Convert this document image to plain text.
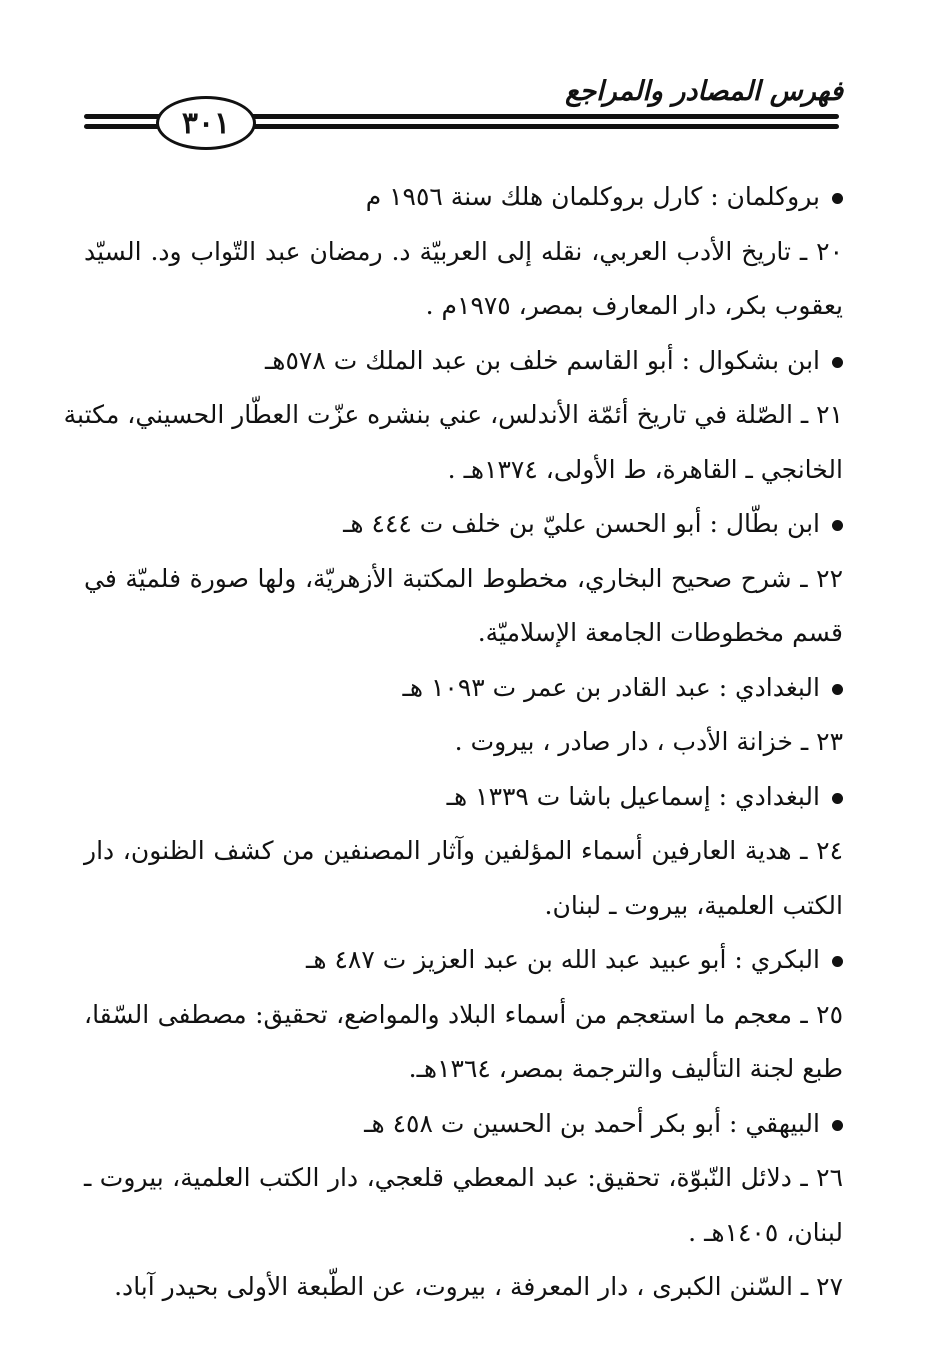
فهرس المصادر والمراجع
٣٠١
بروكلمان : كارل بروكلمان هلك سنة ١٩٥٦ م
٢٠ ـ تاريخ الأدب العربي، نقله إلى العربيّة د. رمضان عبد التّواب ود. السيّد
يعقوب بكر، دار المعارف بمصر، ١٩٧٥م .
ابن بشكوال : أبو القاسم خلف بن عبد الملك ت ٥٧٨هـ
٢١ ـ الصّلة في تاريخ أئمّة الأندلس، عني بنشره عزّت العطّار الحسيني، مكتبة
الخانجي ـ القاهرة، ط الأولى، ١٣٧٤هـ .
ابن بطّال : أبو الحسن عليّ بن خلف ت ٤٤٤ هـ
٢٢ ـ شرح صحيح البخاري، مخطوط المكتبة الأزهريّة، ولها صورة فلميّة في
قسم مخطوطات الجامعة الإسلاميّة.
البغدادي : عبد القادر بن عمر ت ١٠٩٣ هـ
٢٣ ـ خزانة الأدب ، دار صادر ، بيروت .
البغدادي : إسماعيل باشا ت ١٣٣٩ هـ
٢٤ ـ هدية العارفين أسماء المؤلفين وآثار المصنفين من كشف الظنون، دار
الكتب العلمية، بيروت ـ لبنان.
البكري : أبو عبيد عبد الله بن عبد العزيز ت ٤٨٧ هـ
٢٥ ـ معجم ما استعجم من أسماء البلاد والمواضع، تحقيق: مصطفى السّقا،
طبع لجنة التأليف والترجمة بمصر، ١٣٦٤هـ.
البيهقي : أبو بكر أحمد بن الحسين ت ٤٥٨ هـ
٢٦ ـ دلائل النّبوّة، تحقيق: عبد المعطي قلعجي، دار الكتب العلمية، بيروت ـ
لبنان، ١٤٠٥هـ .
٢٧ ـ السّنن الكبرى ، دار المعرفة ، بيروت، عن الطّبعة الأولى بحيدر آباد.
